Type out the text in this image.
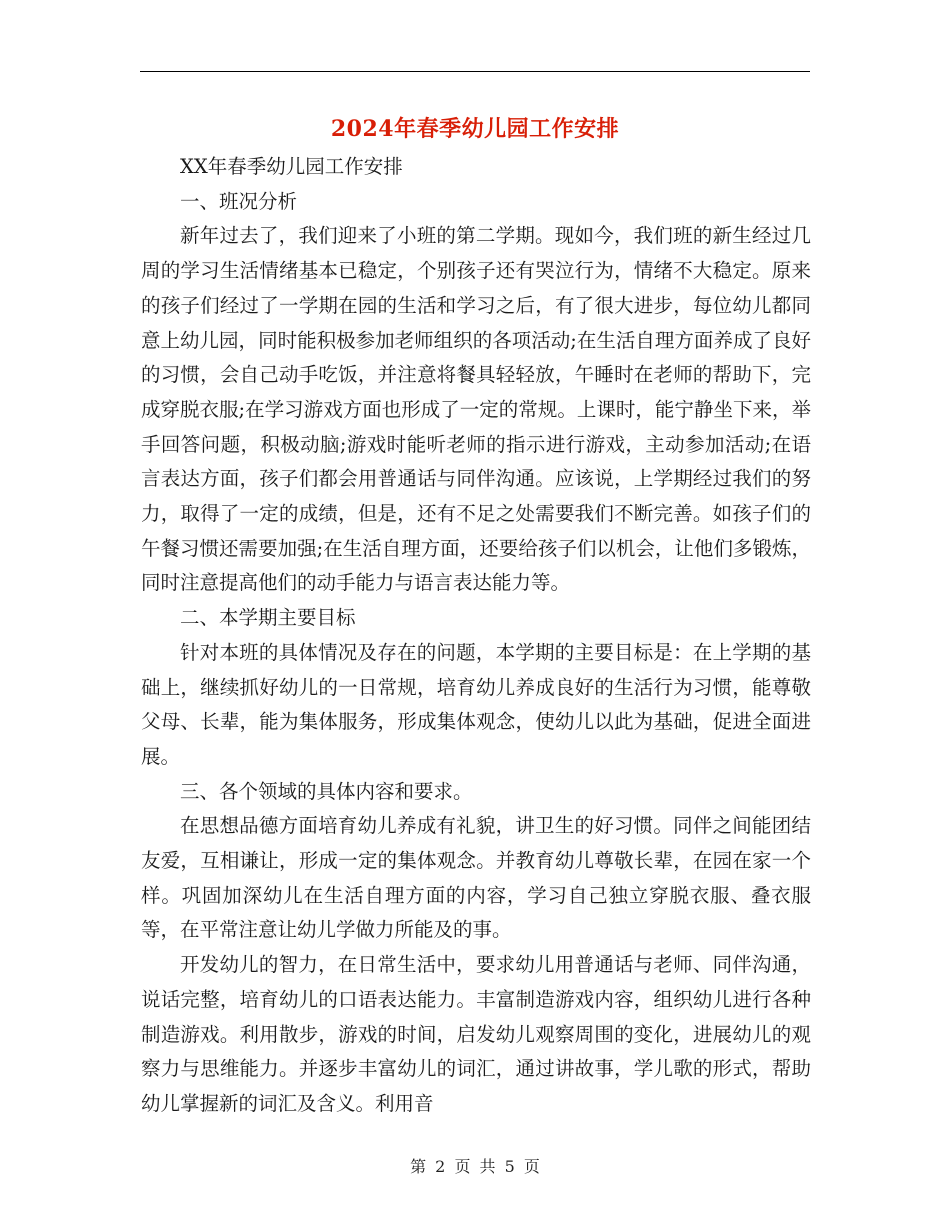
2024年春季幼儿园工作安排

XX年春季幼儿园工作安排

一、班况分析

新年过去了，我们迎来了小班的第二学期。现如今，我们班的新生经过几周的学习生活情绪基本已稳定，个别孩子还有哭泣行为，情绪不大稳定。原来的孩子们经过了一学期在园的生活和学习之后，有了很大进步，每位幼儿都同意上幼儿园，同时能积极参加老师组织的各项活动;在生活自理方面养成了良好的习惯，会自己动手吃饭，并注意将餐具轻轻放，午睡时在老师的帮助下，完成穿脱衣服;在学习游戏方面也形成了一定的常规。上课时，能宁静坐下来，举手回答问题，积极动脑;游戏时能听老师的指示进行游戏，主动参加活动;在语言表达方面，孩子们都会用普通话与同伴沟通。应该说，上学期经过我们的努力，取得了一定的成绩，但是，还有不足之处需要我们不断完善。如孩子们的午餐习惯还需要加强;在生活自理方面，还要给孩子们以机会，让他们多锻炼，同时注意提高他们的动手能力与语言表达能力等。

二、本学期主要目标

针对本班的具体情况及存在的问题，本学期的主要目标是：在上学期的基础上，继续抓好幼儿的一日常规，培育幼儿养成良好的生活行为习惯，能尊敬父母、长辈，能为集体服务，形成集体观念，使幼儿以此为基础，促进全面进展。

三、各个领域的具体内容和要求。

在思想品德方面培育幼儿养成有礼貌，讲卫生的好习惯。同伴之间能团结友爱，互相谦让，形成一定的集体观念。并教育幼儿尊敬长辈，在园在家一个样。巩固加深幼儿在生活自理方面的内容，学习自己独立穿脱衣服、叠衣服等，在平常注意让幼儿学做力所能及的事。

开发幼儿的智力，在日常生活中，要求幼儿用普通话与老师、同伴沟通，说话完整，培育幼儿的口语表达能力。丰富制造游戏内容，组织幼儿进行各种制造游戏。利用散步，游戏的时间，启发幼儿观察周围的变化，进展幼儿的观察力与思维能力。并逐步丰富幼儿的词汇，通过讲故事，学儿歌的形式，帮助幼儿掌握新的词汇及含义。利用音

第 2 页 共 5 页
